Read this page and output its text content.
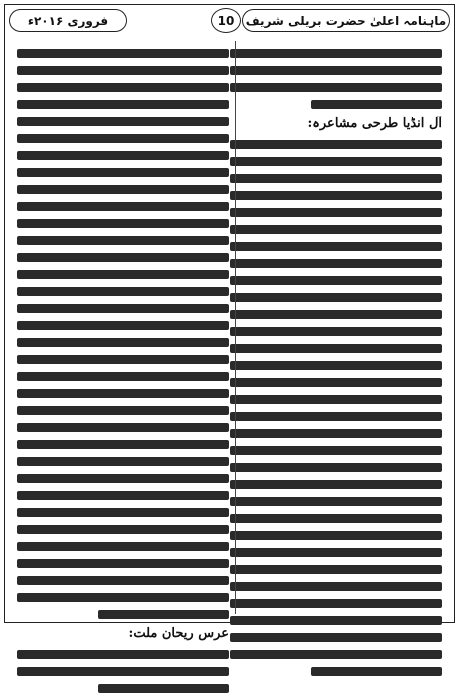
ماہنامہ اعلیٰ حضرت بریلی شریف
10
فروری ۲۰۱۶ء
آل انڈیا طرحی مشاعرہ:
عرس ریحان ملت:
